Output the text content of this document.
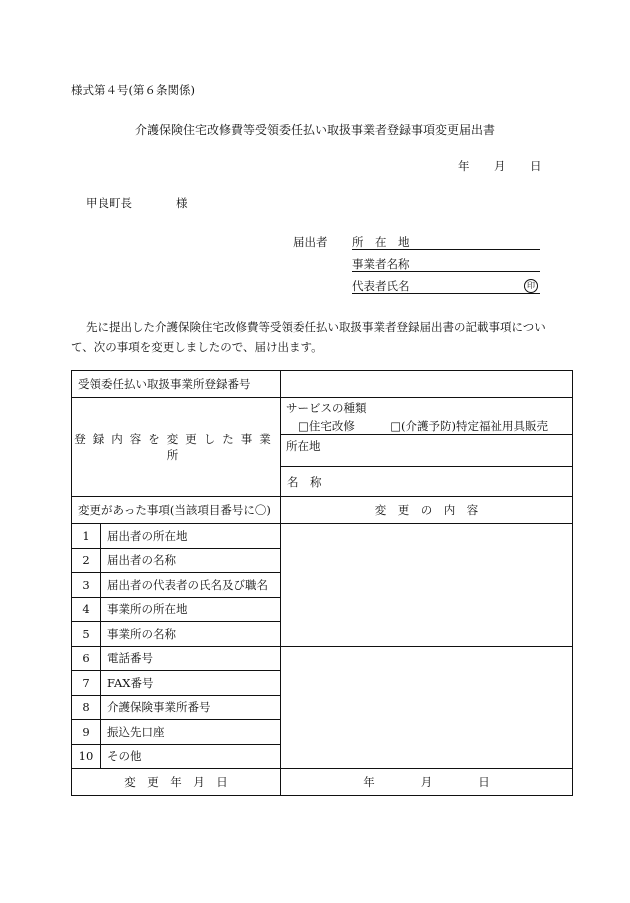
様式第４号(第６条関係)
介護保険住宅改修費等受領委任払い取扱事業者登録事項変更届出書
年 月 日
甲良町長	様
届出者 所　在　地
事業者名称
代表者氏名	印
先に提出した介護保険住宅改修費等受領委任払い取扱事業者登録届出書の記載事項につい
て、次の事項を変更しましたので、届け出ます。
受領委任払い取扱事業所登録番号		
登録内容を変更した事業所		サービスの種類
□住宅改修 □(介護予防)特定福祉用具販売

		所在地
		名　称
変更があった事項(当該項目番号に〇)		変　更　の　内　容
1	届出者の所在地	
2	届出者の名称	
3	届出者の代表者の氏名及び職名	
4	事業所の所在地	
5	事業所の名称	
6	電話番号	
7	FAX番号	
8	介護保険事業所番号	
9	振込先口座	
10	その他	
変　更　年　月　日		年　　　　月　　　　日
